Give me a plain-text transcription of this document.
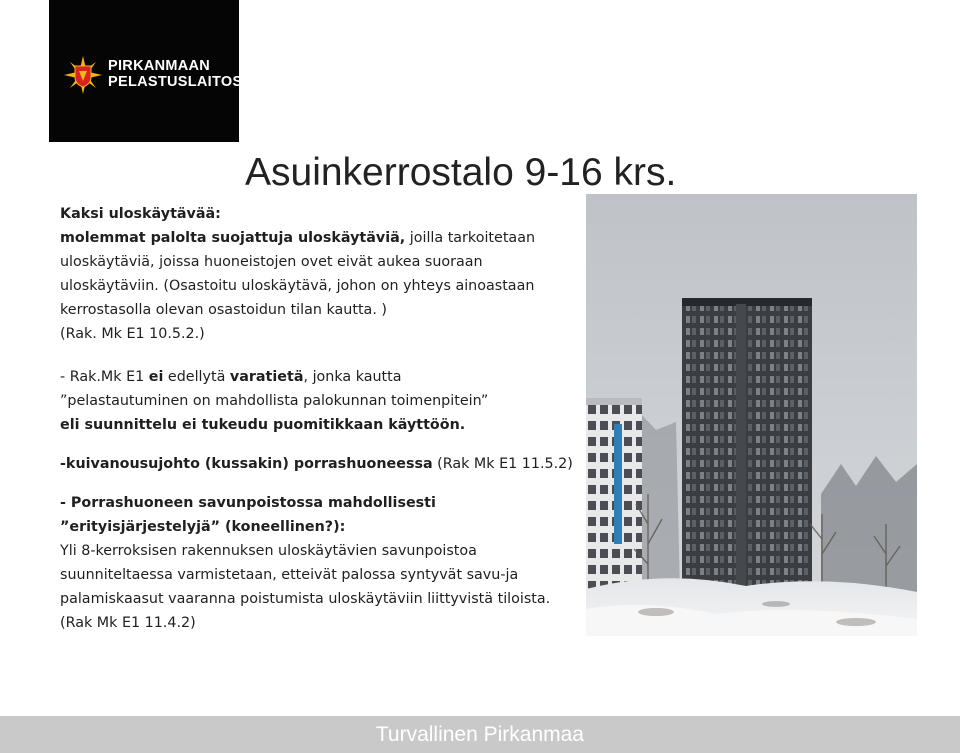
PIRKANMAAN
PELASTUSLAITOS
Asuinkerrostalo 9-16 krs.

Kaksi uloskäytävää:

molemmat palolta suojattuja uloskäytäviä, joilla tarkoitetaan uloskäytäviä, joissa huoneistojen ovet eivät aukea suoraan uloskäytäviin. (Osastoitu uloskäytävä, johon on yhteys ainoastaan kerrostasolla olevan osastoidun tilan kautta. )

(Rak. Mk E1 10.5.2.)

- Rak.Mk E1 ei edellytä varatietä, jonka kautta

”pelastautuminen on mahdollista palokunnan toimenpitein”

eli suunnittelu ei tukeudu puomitikkaan käyttöön.

-kuivanousujohto (kussakin) porrashuoneessa (Rak Mk E1 11.5.2)

- Porrashuoneen savunpoistossa mahdollisesti

”erityisjärjestelyjä” (koneellinen?):

Yli 8-kerroksisen rakennuksen uloskäytävien savunpoistoa suunniteltaessa varmistetaan, etteivät palossa syntyvät savu-ja palamiskaasut vaaranna poistumista uloskäytäviin liittyvistä tiloista. (Rak Mk E1 11.4.2)

Turvallinen Pirkanmaa
